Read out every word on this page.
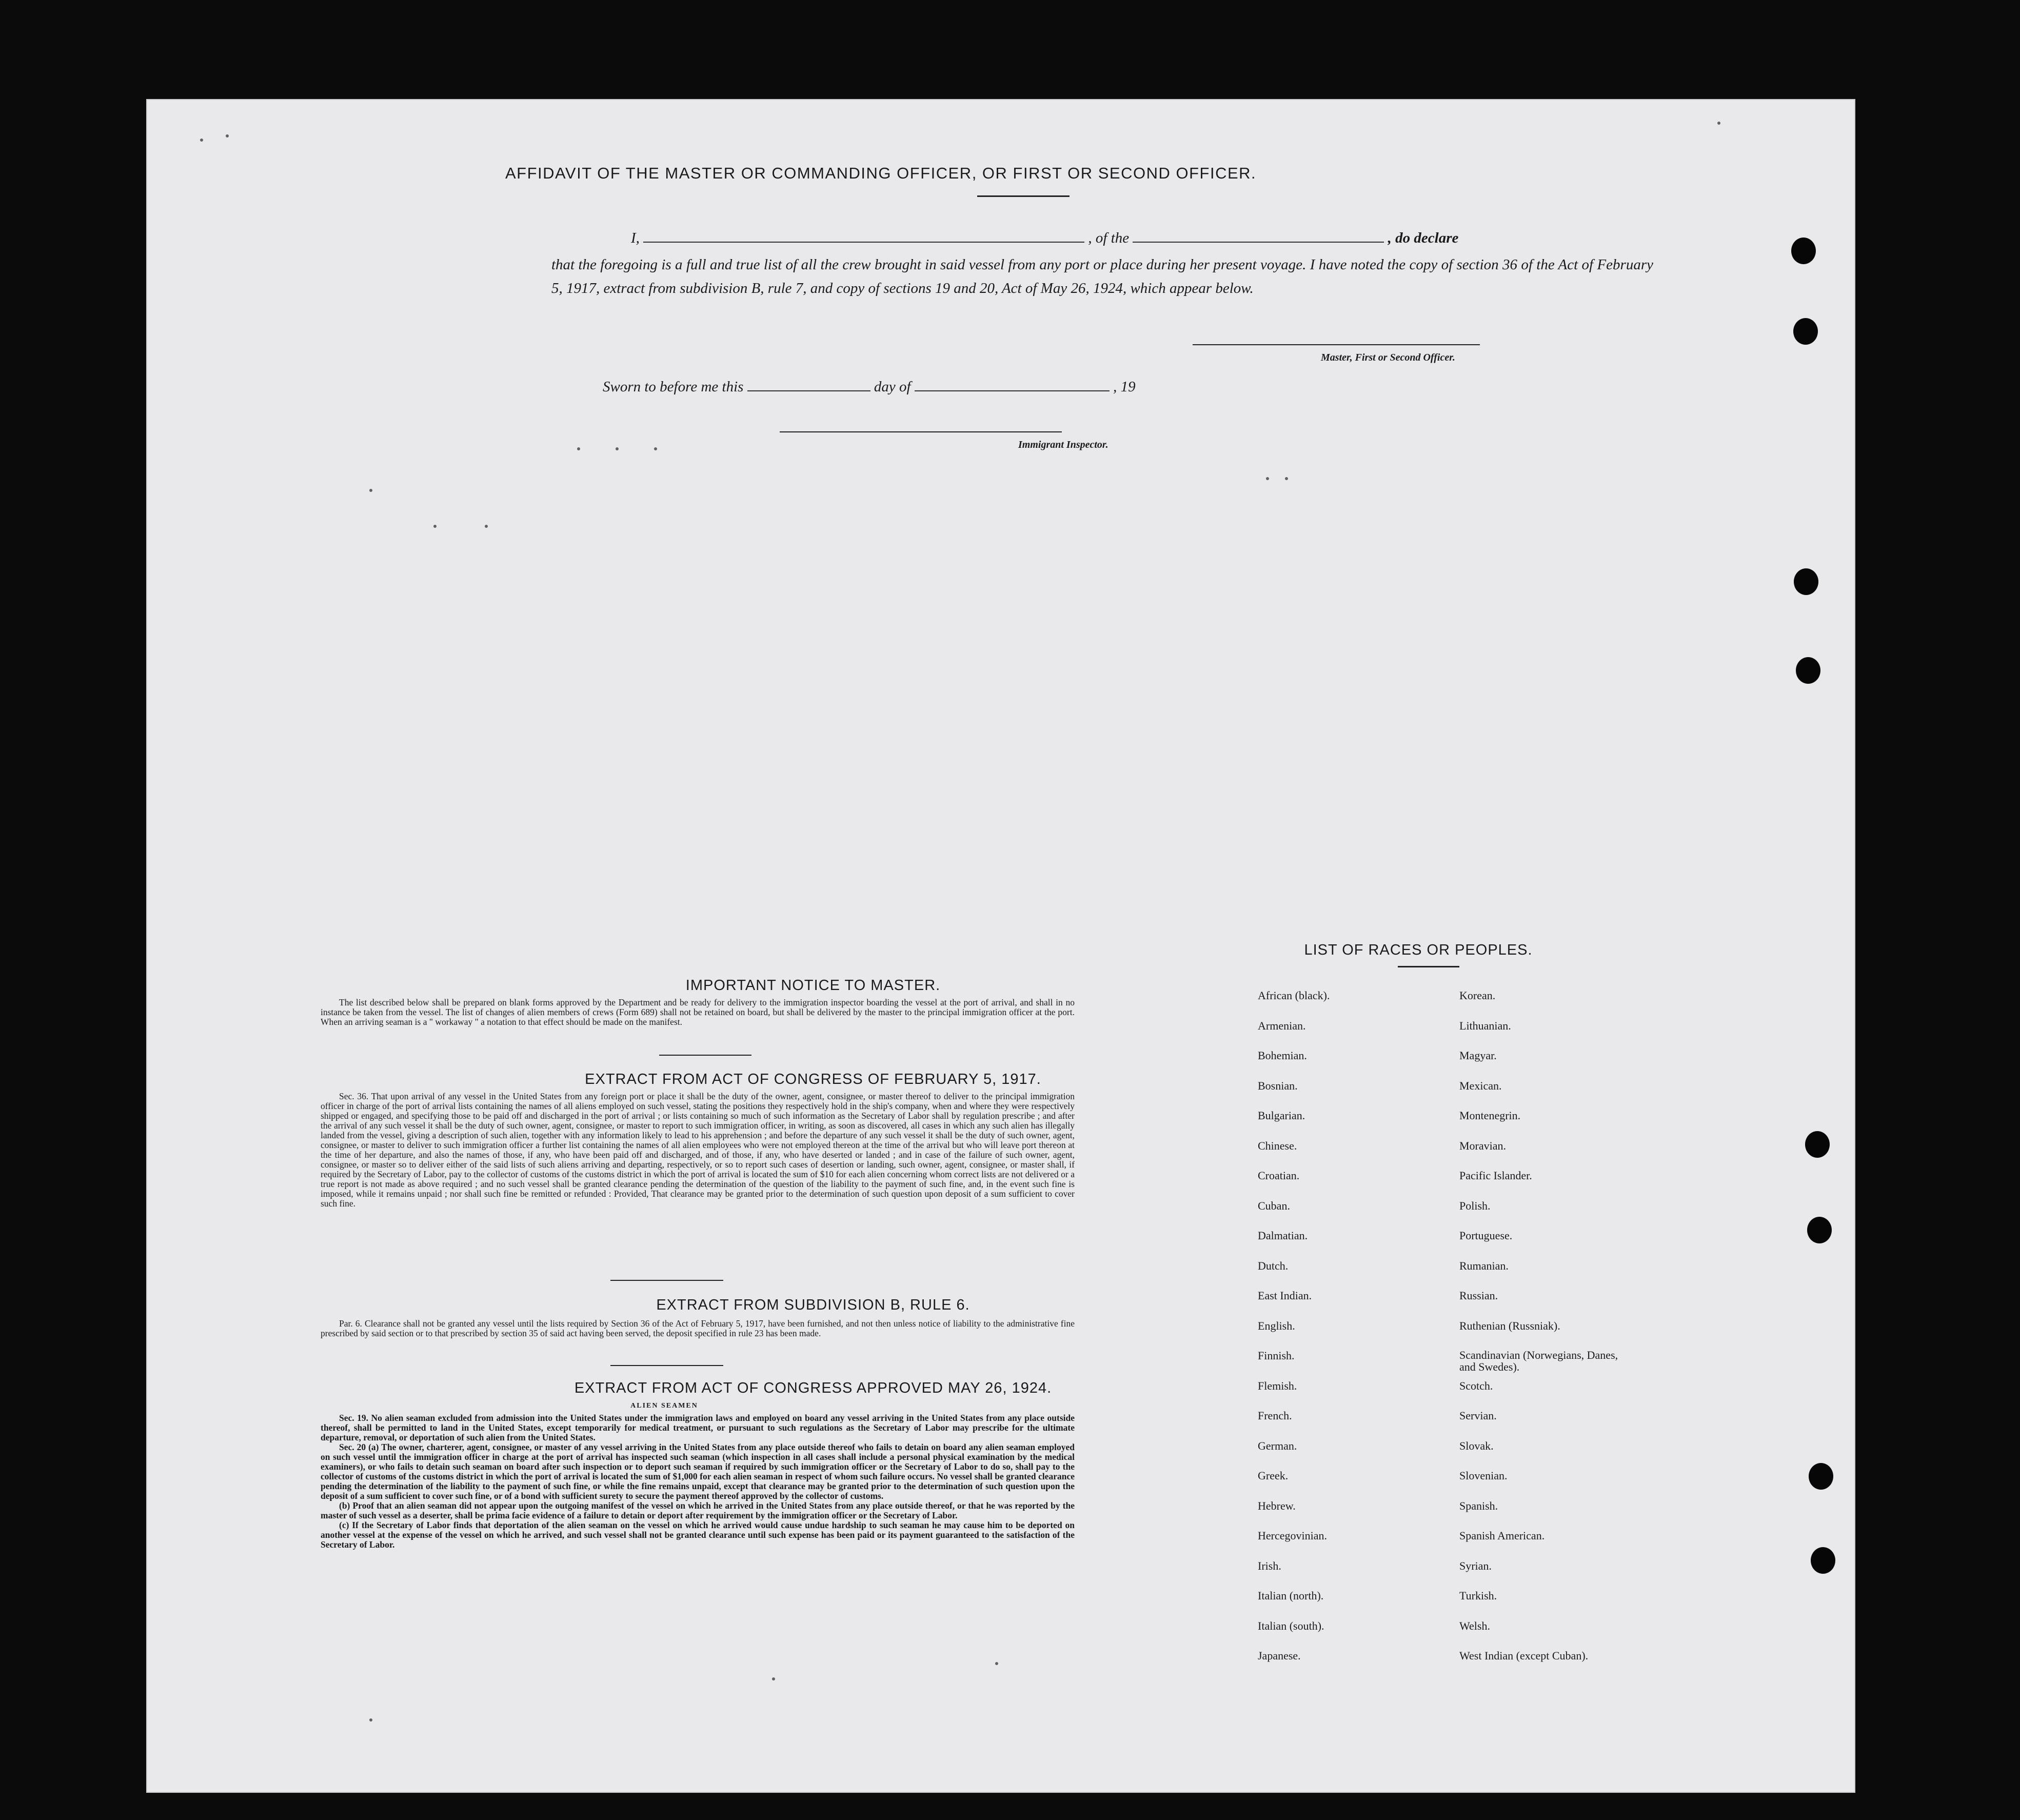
AFFIDAVIT OF THE MASTER OR COMMANDING OFFICER, OR FIRST OR SECOND OFFICER.
I,	, of the	, do declare
that the foregoing is a full and true list of all the crew brought in said vessel from any port or place during her present voyage. I have noted the copy of section 36 of the Act of February 5, 1917, extract from subdivision B, rule 7, and copy of sections 19 and 20, Act of May 26, 1924, which appear below.
Master, First or Second Officer.
Sworn to before me this	day of	, 19
Immigrant Inspector.
IMPORTANT NOTICE TO MASTER.

The list described below shall be prepared on blank forms approved by the Department and be ready for delivery to the immigration inspector boarding the vessel at the port of arrival, and shall in no instance be taken from the vessel. The list of changes of alien members of crews (Form 689) shall not be retained on board, but shall be delivered by the master to the principal immigration officer at the port. When an arriving seaman is a " workaway " a notation to that effect should be made on the manifest.

EXTRACT FROM ACT OF CONGRESS OF FEBRUARY 5, 1917.

Sec. 36. That upon arrival of any vessel in the United States from any foreign port or place it shall be the duty of the owner, agent, consignee, or master thereof to deliver to the principal immigration officer in charge of the port of arrival lists containing the names of all aliens employed on such vessel, stating the positions they respectively hold in the ship's company, when and where they were respectively shipped or engaged, and specifying those to be paid off and discharged in the port of arrival ; or lists containing so much of such information as the Secretary of Labor shall by regulation prescribe ; and after the arrival of any such vessel it shall be the duty of such owner, agent, consignee, or master to report to such immigration officer, in writing, as soon as discovered, all cases in which any such alien has illegally landed from the vessel, giving a description of such alien, together with any information likely to lead to his apprehension ; and before the departure of any such vessel it shall be the duty of such owner, agent, consignee, or master to deliver to such immigration officer a further list containing the names of all alien employees who were not employed thereon at the time of the arrival but who will leave port thereon at the time of her departure, and also the names of those, if any, who have been paid off and discharged, and of those, if any, who have deserted or landed ; and in case of the failure of such owner, agent, consignee, or master so to deliver either of the said lists of such aliens arriving and departing, respectively, or so to report such cases of desertion or landing, such owner, agent, consignee, or master shall, if required by the Secretary of Labor, pay to the collector of customs of the customs district in which the port of arrival is located the sum of $10 for each alien concerning whom correct lists are not delivered or a true report is not made as above required ; and no such vessel shall be granted clearance pending the determination of the question of the liability to the payment of such fine, and, in the event such fine is imposed, while it remains unpaid ; nor shall such fine be remitted or refunded : Provided, That clearance may be granted prior to the determination of such question upon deposit of a sum sufficient to cover such fine.

EXTRACT FROM SUBDIVISION B, RULE 6.

Par. 6. Clearance shall not be granted any vessel until the lists required by Section 36 of the Act of February 5, 1917, have been furnished, and not then unless notice of liability to the administrative fine prescribed by said section or to that prescribed by section 35 of said act having been served, the deposit specified in rule 23 has been made.

EXTRACT FROM ACT OF CONGRESS APPROVED MAY 26, 1924.
ALIEN SEAMEN

Sec. 19. No alien seaman excluded from admission into the United States under the immigration laws and employed on board any vessel arriving in the United States from any place outside thereof, shall be permitted to land in the United States, except temporarily for medical treatment, or pursuant to such regulations as the Secretary of Labor may prescribe for the ultimate departure, removal, or deportation of such alien from the United States.

Sec. 20 (a) The owner, charterer, agent, consignee, or master of any vessel arriving in the United States from any place outside thereof who fails to detain on board any alien seaman employed on such vessel until the immigration officer in charge at the port of arrival has inspected such seaman (which inspection in all cases shall include a personal physical examination by the medical examiners), or who fails to detain such seaman on board after such inspection or to deport such seaman if required by such immigration officer or the Secretary of Labor to do so, shall pay to the collector of customs of the customs district in which the port of arrival is located the sum of $1,000 for each alien seaman in respect of whom such failure occurs. No vessel shall be granted clearance pending the determination of the liability to the payment of such fine, or while the fine remains unpaid, except that clearance may be granted prior to the determination of such question upon the deposit of a sum sufficient to cover such fine, or of a bond with sufficient surety to secure the payment thereof approved by the collector of customs.

(b) Proof that an alien seaman did not appear upon the outgoing manifest of the vessel on which he arrived in the United States from any place outside thereof, or that he was reported by the master of such vessel as a deserter, shall be prima facie evidence of a failure to detain or deport after requirement by the immigration officer or the Secretary of Labor.

(c) If the Secretary of Labor finds that deportation of the alien seaman on the vessel on which he arrived would cause undue hardship to such seaman he may cause him to be deported on another vessel at the expense of the vessel on which he arrived, and such vessel shall not be granted clearance until such expense has been paid or its payment guaranteed to the satisfaction of the Secretary of Labor.

LIST OF RACES OR PEOPLES.
African (black).
Armenian.
Bohemian.
Bosnian.
Bulgarian.
Chinese.
Croatian.
Cuban.
Dalmatian.
Dutch.
East Indian.
English.
Finnish.
Flemish.
French.
German.
Greek.
Hebrew.
Hercegovinian.
Irish.
Italian (north).
Italian (south).
Japanese.
Korean.
Lithuanian.
Magyar.
Mexican.
Montenegrin.
Moravian.
Pacific Islander.
Polish.
Portuguese.
Rumanian.
Russian.
Ruthenian (Russniak).
Scandinavian (Norwegians, Danes, and Swedes).
Scotch.
Servian.
Slovak.
Slovenian.
Spanish.
Spanish American.
Syrian.
Turkish.
Welsh.
West Indian (except Cuban).
